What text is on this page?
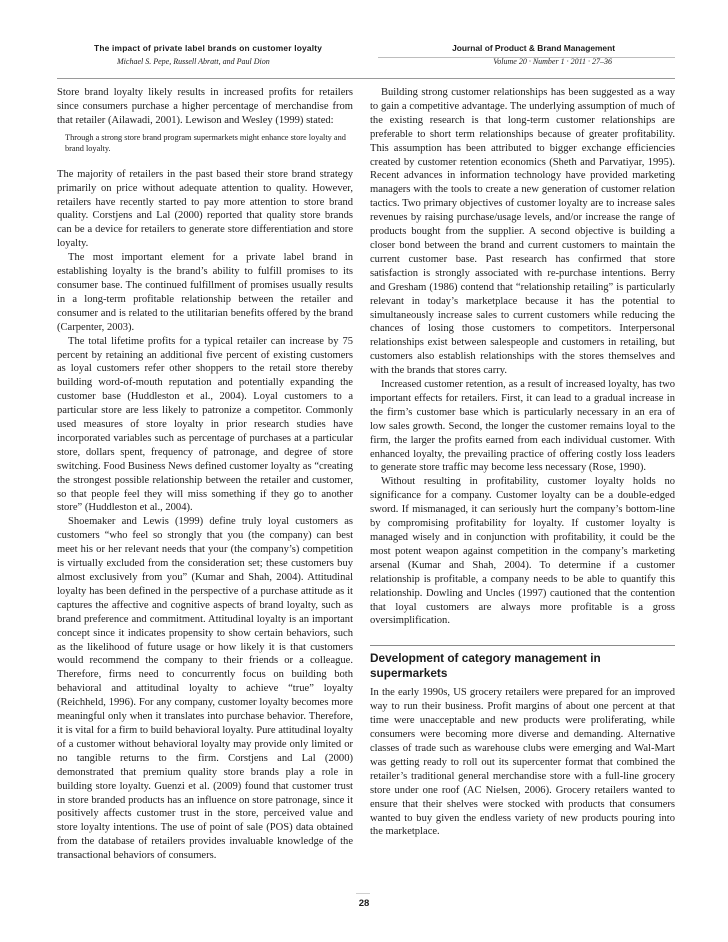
The impact of private label brands on customer loyalty
Michael S. Pepe, Russell Abratt, and Paul Dion
Journal of Product & Brand Management
Volume 20 · Number 1 · 2011 · 27–36

Store brand loyalty likely results in increased profits for retailers since consumers purchase a higher percentage of merchandise from that retailer (Ailawadi, 2001). Lewison and Wesley (1999) stated:

Through a strong store brand program supermarkets might enhance store loyalty and brand loyalty.

The majority of retailers in the past based their store brand strategy primarily on price without adequate attention to quality. However, retailers have recently started to pay more attention to store brand quality. Corstjens and Lal (2000) reported that quality store brands can be a device for retailers to generate store differentiation and store loyalty.

The most important element for a private label brand in establishing loyalty is the brand’s ability to fulfill promises to its consumer base. The continued fulfillment of promises usually results in a long-term profitable relationship between the retailer and consumer and is related to the utilitarian benefits offered by the brand (Carpenter, 2003).

The total lifetime profits for a typical retailer can increase by 75 percent by retaining an additional five percent of existing customers as loyal customers refer other shoppers to the retail store thereby building word-of-mouth reputation and potentially expanding the customer base (Huddleston et al., 2004). Loyal customers to a particular store are less likely to patronize a competitor. Commonly used measures of store loyalty in prior research studies have incorporated variables such as percentage of purchases at a particular store, dollars spent, frequency of patronage, and degree of store switching. Food Business News defined customer loyalty as “creating the strongest possible relationship between the retailer and customer, so that people feel they will miss something if they go to another store” (Huddleston et al., 2004).

Shoemaker and Lewis (1999) define truly loyal customers as customers “who feel so strongly that you (the company) can best meet his or her relevant needs that your (the company’s) competition is virtually excluded from the consideration set; these customers buy almost exclusively from you” (Kumar and Shah, 2004). Attitudinal loyalty has been defined in the perspective of a purchase attitude as it captures the affective and cognitive aspects of brand loyalty, such as brand preference and commitment. Attitudinal loyalty is an important concept since it indicates propensity to show certain behaviors, such as the likelihood of future usage or how likely it is that customers would recommend the company to their friends or a colleague. Therefore, firms need to concurrently focus on building both behavioral and attitudinal loyalty to achieve “true” loyalty (Reichheld, 1996). For any company, customer loyalty becomes more meaningful only when it translates into purchase behavior. Therefore, it is vital for a firm to build behavioral loyalty. Pure attitudinal loyalty of a customer without behavioral loyalty may provide only limited or no tangible returns to the firm. Corstjens and Lal (2000) demonstrated that premium quality store brands play a role in building store loyalty. Guenzi et al. (2009) found that customer trust in store branded products has an influence on store patronage, since it positively affects customer trust in the store, perceived value and store loyalty intentions. The use of point of sale (POS) data obtained from the database of retailers provides invaluable knowledge of the transactional behaviors of consumers.

Building strong customer relationships has been suggested as a way to gain a competitive advantage. The underlying assumption of much of the existing research is that long-term customer relationships are preferable to short term relationships because of greater profitability. This assumption has been attributed to bigger exchange efficiencies created by customer retention economics (Sheth and Parvatiyar, 1995). Recent advances in information technology have provided marketing managers with the tools to create a new generation of customer relation tactics. Two primary objectives of customer loyalty are to increase sales revenues by raising purchase/usage levels, and/or increase the range of products bought from the supplier. A second objective is building a closer bond between the brand and current customers to maintain the current customer base. Past research has confirmed that store satisfaction is strongly associated with re-purchase intentions. Berry and Gresham (1986) contend that “relationship retailing” is particularly relevant in today’s marketplace because it has the potential to simultaneously increase sales to current customers while reducing the chances of losing those customers to competitors. Interpersonal relationships exist between salespeople and customers in retailing, but customers also establish relationships with the stores themselves and with the brands that stores carry.

Increased customer retention, as a result of increased loyalty, has two important effects for retailers. First, it can lead to a gradual increase in the firm’s customer base which is particularly necessary in an era of low sales growth. Second, the longer the customer remains loyal to the firm, the larger the profits earned from each individual customer. With enhanced loyalty, the prevailing practice of offering costly loss leaders to generate store traffic may become less necessary (Rose, 1990).

Without resulting in profitability, customer loyalty holds no significance for a company. Customer loyalty can be a double-edged sword. If mismanaged, it can seriously hurt the company’s bottom-line by compromising profitability for loyalty. If customer loyalty is managed wisely and in conjunction with profitability, it could be the most potent weapon against competition in the company’s marketing arsenal (Kumar and Shah, 2004). To determine if a customer relationship is profitable, a company needs to be able to quantify this relationship. Dowling and Uncles (1997) cautioned that the contention that loyal customers are always more profitable is a gross oversimplification.

Development of category management in supermarkets

In the early 1990s, US grocery retailers were prepared for an improved way to run their business. Profit margins of about one percent at that time were unacceptable and new products were proliferating, while consumers were becoming more diverse and demanding. Alternative classes of trade such as warehouse clubs were emerging and Wal-Mart was getting ready to roll out its supercenter format that combined the retailer’s traditional general merchandise store with a full-line grocery store under one roof (AC Nielsen, 2006). Grocery retailers wanted to ensure that their shelves were stocked with products that consumers wanted to buy given the endless variety of new products pouring into the marketplace.

28
